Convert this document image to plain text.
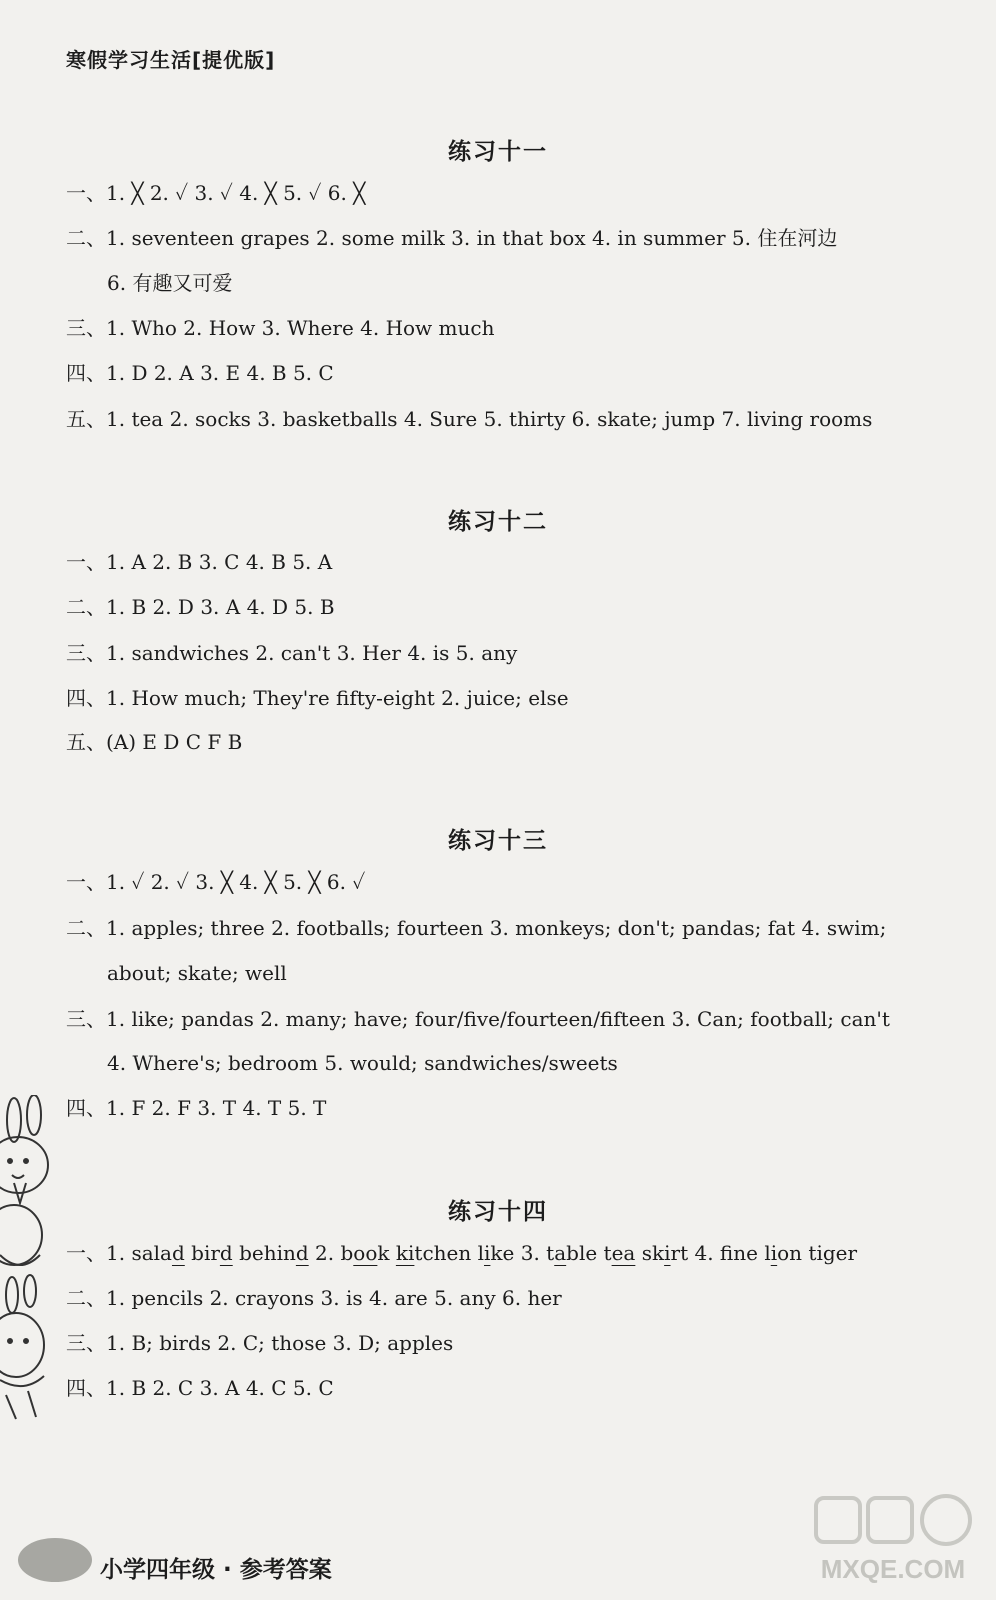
寒假学习生活[提优版]
练习十一
一、1. ╳ 2. ✓ 3. ✓ 4. ╳ 5. ✓ 6. ╳
二、1. seventeen grapes 2. some milk 3. in that box 4. in summer 5. 住在河边
6. 有趣又可爱
三、1. Who 2. How 3. Where 4. How much
四、1. D 2. A 3. E 4. B 5. C
五、1. tea 2. socks 3. basketballs 4. Sure 5. thirty 6. skate; jump 7. living rooms
练习十二
一、1. A 2. B 3. C 4. B 5. A
二、1. B 2. D 3. A 4. D 5. B
三、1. sandwiches 2. can't 3. Her 4. is 5. any
四、1. How much; They're fifty-eight 2. juice; else
五、(A) E D C F B
练习十三
一、1. ✓ 2. ✓ 3. ╳ 4. ╳ 5. ╳ 6. ✓
二、1. apples; three 2. footballs; fourteen 3. monkeys; don't; pandas; fat 4. swim;
about; skate; well
三、1. like; pandas 2. many; have; four/five/fourteen/fifteen 3. Can; football; can't
4. Where's; bedroom 5. would; sandwiches/sweets
四、1. F 2. F 3. T 4. T 5. T
练习十四
一、1. salad bird behind 2. book kitchen like 3. table tea skirt 4. fine lion tiger
二、1. pencils 2. crayons 3. is 4. are 5. any 6. her
三、1. B; birds 2. C; those 3. D; apples
四、1. B 2. C 3. A 4. C 5. C
小学四年级 · 参考答案	MXQE.COM
